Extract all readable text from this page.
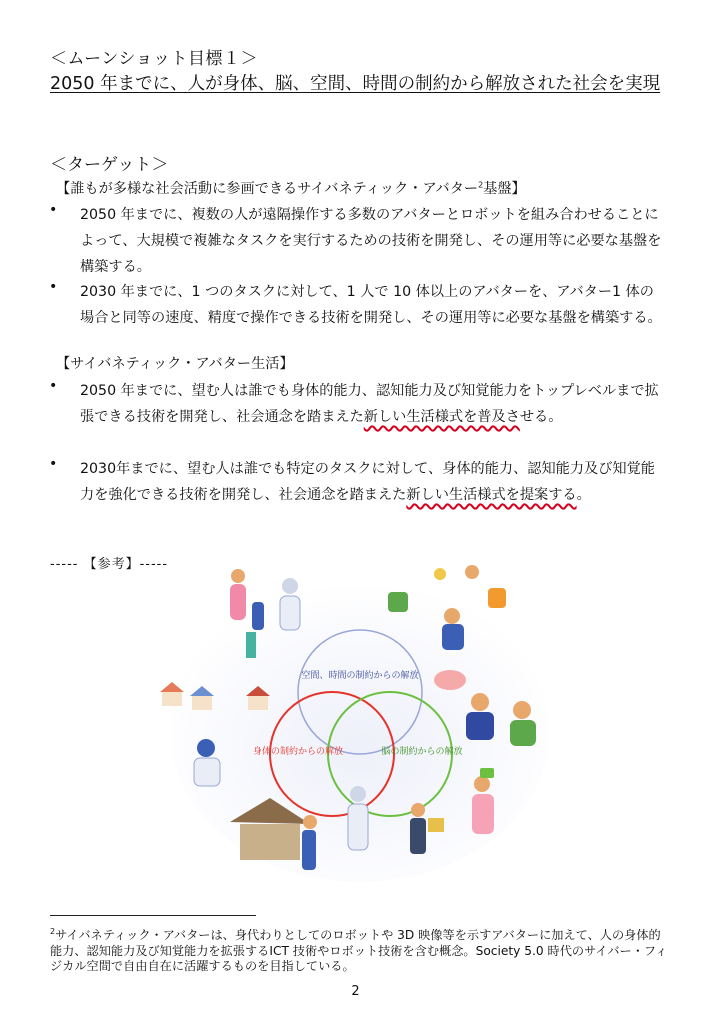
＜ムーンショット目標１＞
2050 年までに、人が身体、脳、空間、時間の制約から解放された社会を実現
＜ターゲット＞
【誰もが多様な社会活動に参画できるサイバネティック・アバター$^2$基盤】
• 2050 年までに、複数の人が遠隔操作する多数のアバターとロボットを組み合わせることによって、大規模で複雑なタスクを実行するための技術を開発し、その運用等に必要な基盤を構築する。
• 2030 年までに、1 つのタスクに対して、1 人で 10 体以上のアバターを、アバター1 体の場合と同等の速度、精度で操作できる技術を開発し、その運用等に必要な基盤を構築する。
【サイバネティック・アバター生活】
• 2050 年までに、望む人は誰でも身体的能力、認知能力及び知覚能力をトップレベルまで拡張できる技術を開発し、社会通念を踏まえた新しい生活様式を普及させる。
• 2030年までに、望む人は誰でも特定のタスクに対して、身体的能力、認知能力及び知覚能力を強化できる技術を開発し、社会通念を踏まえた新しい生活様式を提案する。
----- 【参考】-----
空間、時間の制約からの解放
身体の制約からの解放	脳の制約からの解放
$^2$サイバネティック・アバターは、身代わりとしてのロボットや 3D 映像等を示すアバターに加えて、人の身体的能力、認知能力及び知覚能力を拡張するICT 技術やロボット技術を含む概念。Society 5.0 時代のサイバー・フィジカル空間で自由自在に活躍するものを目指している。
2
